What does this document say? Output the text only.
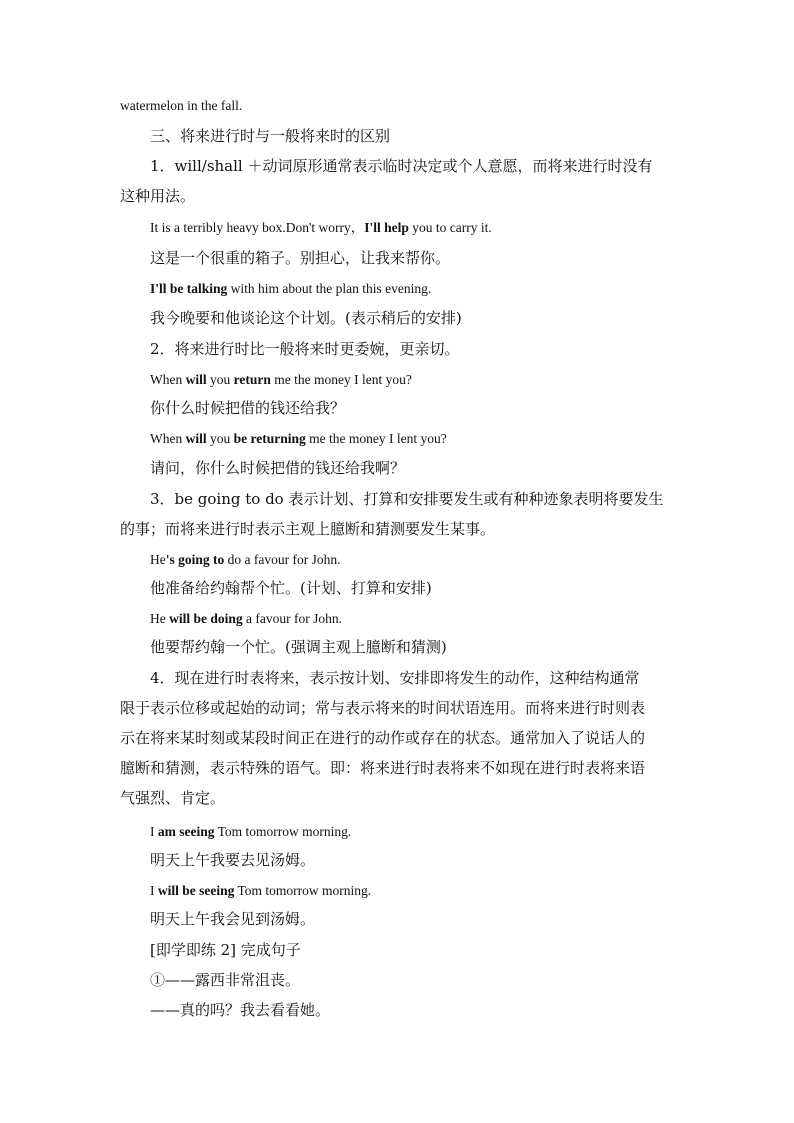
watermelon in the fall.
三、将来进行时与一般将来时的区别
1．will/shall ＋动词原形通常表示临时决定或个人意愿，而将来进行时没有
这种用法。
It is a terribly heavy box.Don't worry，I'll help you to carry it.
这是一个很重的箱子。别担心，让我来帮你。
I'll be talking with him about the plan this evening.
我今晚要和他谈论这个计划。(表示稍后的安排)
2．将来进行时比一般将来时更委婉，更亲切。
When will you return me the money I lent you?
你什么时候把借的钱还给我？
When will you be returning me the money I lent you?
请问，你什么时候把借的钱还给我啊？
3．be going to do 表示计划、打算和安排要发生或有种种迹象表明将要发生
的事；而将来进行时表示主观上臆断和猜测要发生某事。
He's going to do a favour for John.
他准备给约翰帮个忙。(计划、打算和安排)
He will be doing a favour for John.
他要帮约翰一个忙。(强调主观上臆断和猜测)
4．现在进行时表将来，表示按计划、安排即将发生的动作，这种结构通常
限于表示位移或起始的动词；常与表示将来的时间状语连用。而将来进行时则表
示在将来某时刻或某段时间正在进行的动作或存在的状态。通常加入了说话人的
臆断和猜测，表示特殊的语气。即：将来进行时表将来不如现在进行时表将来语
气强烈、肯定。
I am seeing Tom tomorrow morning.
明天上午我要去见汤姆。
I will be seeing Tom tomorrow morning.
明天上午我会见到汤姆。
[即学即练 2] 完成句子
①——露西非常沮丧。
——真的吗？我去看看她。
